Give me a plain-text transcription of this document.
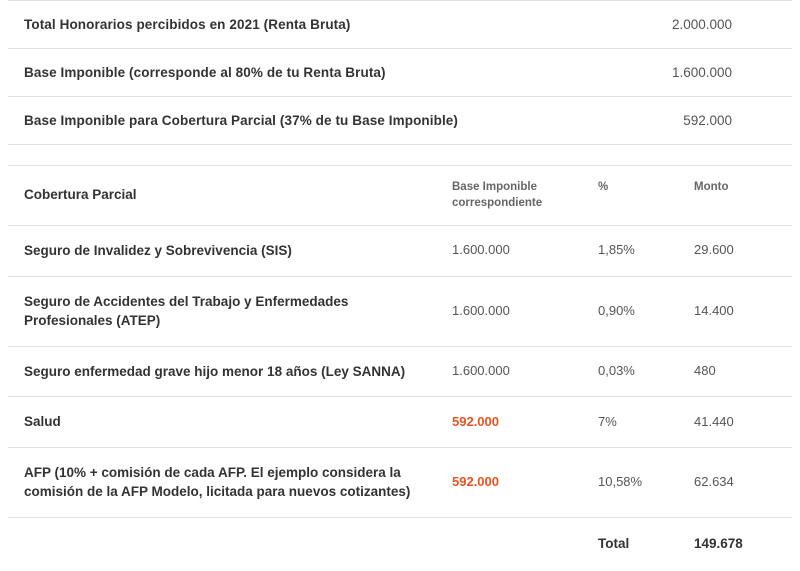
Total Honorarios percibidos en 2021 (Renta Bruta)	2.000.000
Base Imponible (corresponde al 80% de tu Renta Bruta)	1.600.000
Base Imponible para Cobertura Parcial (37% de tu Base Imponible)	592.000
Cobertura Parcial	Base Imponible correspondiente	%	Monto
Seguro de Invalidez y Sobrevivencia (SIS)	1.600.000	1,85%	29.600
Seguro de Accidentes del Trabajo y Enfermedades Profesionales (ATEP)	1.600.000	0,90%	14.400
Seguro enfermedad grave hijo menor 18 años (Ley SANNA)	1.600.000	0,03%	480
Salud	592.000	7%	41.440
AFP (10% + comisión de cada AFP. El ejemplo considera la comisión de la AFP Modelo, licitada para nuevos cotizantes)	592.000	10,58%	62.634
		Total	149.678
